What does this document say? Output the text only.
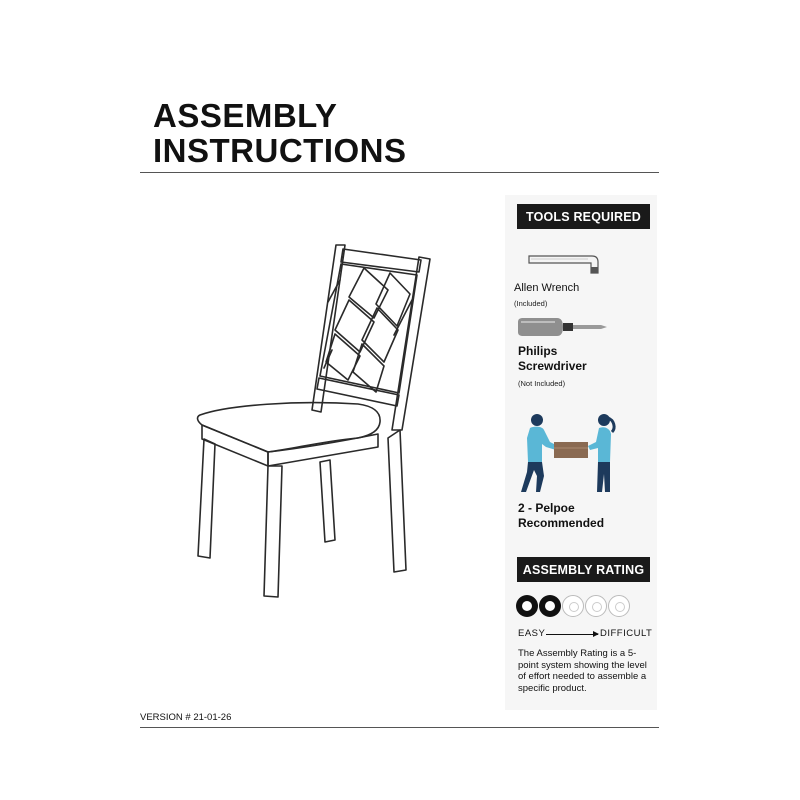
ASSEMBLY
INSTRUCTIONS
TOOLS REQUIRED
Allen Wrench
(Included)
Philips
Screwdriver
(Not Included)
2 - Pelpoe
Recommended
ASSEMBLY RATING
EASY	DIFFICULT
The Assembly Rating is a 5-point system showing the level of effort needed to assemble a specific product.
VERSION # 21-01-26
